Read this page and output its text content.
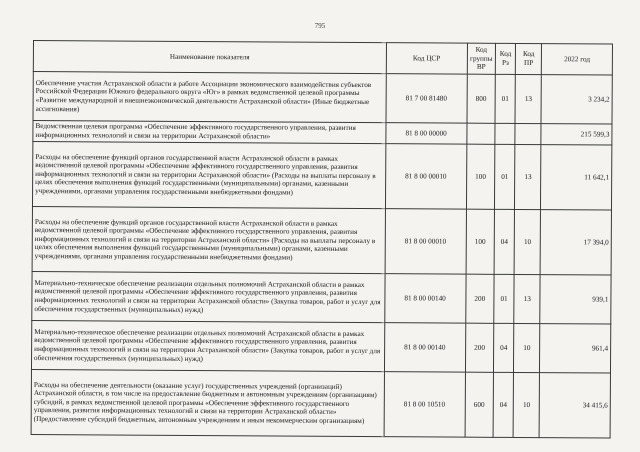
795
Наименование показателя	Код ЦСР	Код группы ВР	Код Рз	Код ПР	2022 год
Обеспечение участия Астраханской области в работе Ассоциации экономического взаимодействия субъектов Российской Федерации Южного федерального округа «Юг» в рамках ведомственной целевой программы «Развитие международной и внешнеэкономической деятельности Астраханской области» (Иные бюджетные ассигнования)	81 7 00 81480	800	01	13	3 234,2
Ведомственная целевая программа «Обеспечение эффективного государственного управления, развития информационных технологий и связи на территории Астраханской области»	81 8 00 00000				215 599,3
Расходы на обеспечение функций органов государственной власти Астраханской области в рамках ведомственной целевой программы «Обеспечение эффективного государственного управления, развития информационных технологий и связи на территории Астраханской области» (Расходы на выплаты персоналу в целях обеспечения выполнения функций государственными (муниципальными) органами, казенными учреждениями, органами управления государственными внебюджетными фондами)	81 8 00 00010	100	01	13	11 642,1
Расходы на обеспечение функций органов государственной власти Астраханской области в рамках ведомственной целевой программы «Обеспечение эффективного государственного управления, развития информационных технологий и связи на территории Астраханской области» (Расходы на выплаты персоналу в целях обеспечения выполнения функций государственными (муниципальными) органами, казенными учреждениями, органами управления государственными внебюджетными фондами)	81 8 00 00010	100	04	10	17 394,0
Материально-техническое обеспечение реализации отдельных полномочий Астраханской области в рамках ведомственной целевой программы «Обеспечение эффективного государственного управления, развития информационных технологий и связи на территории Астраханской области» (Закупка товаров, работ и услуг для обеспечения государственных (муниципальных) нужд)	81 8 00 00140	200	01	13	939,1
Материально-техническое обеспечение реализации отдельных полномочий Астраханской области в рамках ведомственной целевой программы «Обеспечение эффективного государственного управления, развития информационных технологий и связи на территории Астраханской области» (Закупка товаров, работ и услуг для обеспечения государственных (муниципальных) нужд)	81 8 00 00140	200	04	10	961,4
Расходы на обеспечение деятельности (оказание услуг) государственных учреждений (организаций) Астраханской области, в том числе на предоставление бюджетным и автономным учреждениям (организациям) субсидий, в рамках ведомственной целевой программы «Обеспечение эффективного государственного управления, развития информационных технологий и связи на территории Астраханской области» (Предоставление субсидий бюджетным, автономным учреждениям и иным некоммерческим организациям)	81 8 00 10510	600	04	10	34 415,6
